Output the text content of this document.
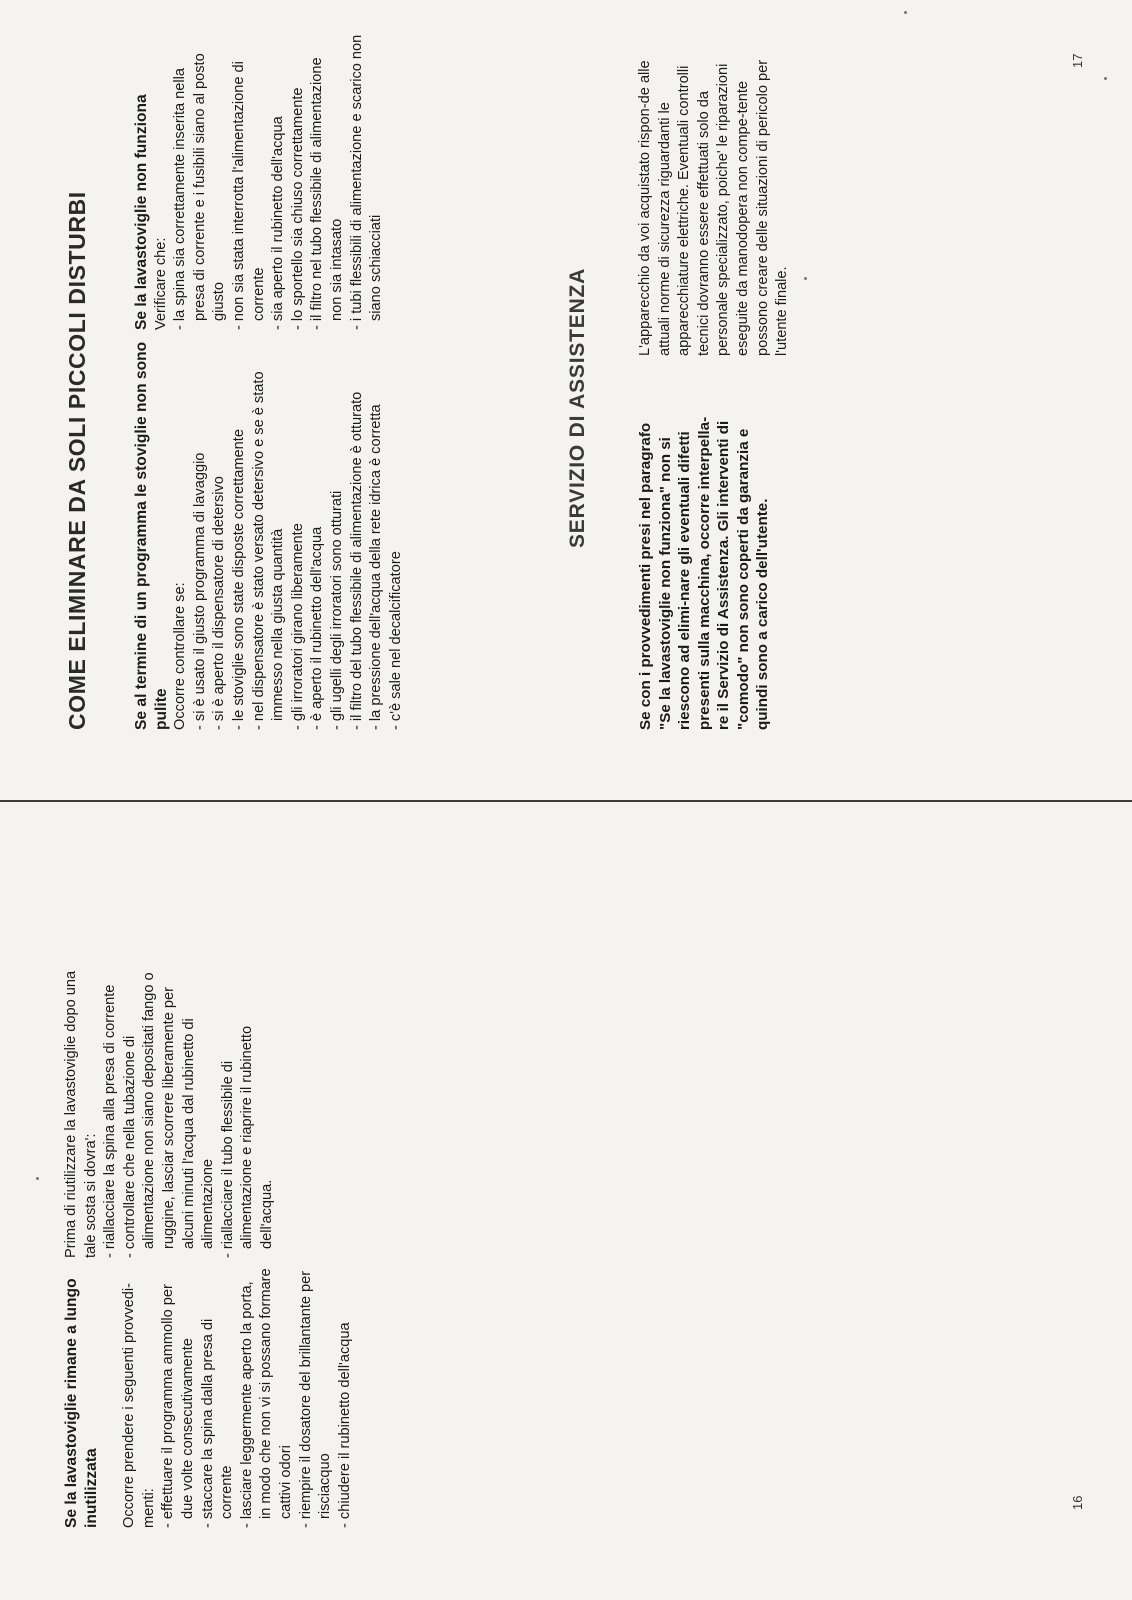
Se la lavastoviglie rimane a lungo inutilizzata Occorre prendere i seguenti provvedi-menti: - effettuare il programma ammollo per due volte consecutivamente - staccare la spina dalla presa di corrente - lasciare leggermente aperto la porta, in modo che non vi si possano formare cattivi odori - riempire il dosatore del brillantante per risciacquo - chiudere il rubinetto dell'acqua

Prima di riutilizzare la lavastoviglie dopo una tale sosta si dovra': - riallacciare la spina alla presa di corrente - controllare che nella tubazione di alimentazione non siano depositati fango o ruggine, lasciar scorrere liberamente per alcuni minuti l'acqua dal rubinetto di alimentazione - riallacciare il tubo flessibile di alimentazione e riaprire il rubinetto dell'acqua.
16
COME ELIMINARE DA SOLI PICCOLI DISTURBI	Se al termine di un programma le stoviglie non sono pulite Occorre controllare se: - si è usato il giusto programma di lavaggio - si è aperto il dispensatore di detersivo - le stoviglie sono state disposte correttamente - nel dispensatore è stato versato detersivo e se è stato immesso nella giusta quantità - gli irroratori girano liberamente - è aperto il rubinetto dell'acqua - gli ugelli degli irroratori sono otturati - il filtro del tubo flessibile di alimentazione è otturato - la pressione dell'acqua della rete idrica è corretta - c'è sale nel decalcificatore

Se la lavastoviglie non funziona Verificare che: - la spina sia correttamente inserita nella presa di corrente e i fusibili siano al posto giusto - non sia stata interrotta l'alimentazione di corrente - sia aperto il rubinetto dell'acqua - lo sportello sia chiuso correttamente - il filtro nel tubo flessibile di alimentazione non sia intasato - i tubi flessibili di alimentazione e scarico non siano schiacciati	SERVIZIO DI ASSISTENZA
Se con i provvedimenti presi nel paragrafo "Se la lavastoviglie non funziona" non si riescono ad elimi-nare gli eventuali difetti presenti sulla macchina, occorre interpella-re il Servizio di Assistenza. Gli interventi di "comodo" non sono coperti da garanzia e quindi sono a carico dell'utente.
L'apparecchio da voi acquistato rispon-de alle attuali norme di sicurezza riguardanti le apparecchiature elettriche. Eventuali controlli tecnici dovranno essere effettuati solo da personale specializzato, poiche' le riparazioni eseguite da manodopera non compe-tente possono creare delle situazioni di pericolo per l'utente finale.
17
